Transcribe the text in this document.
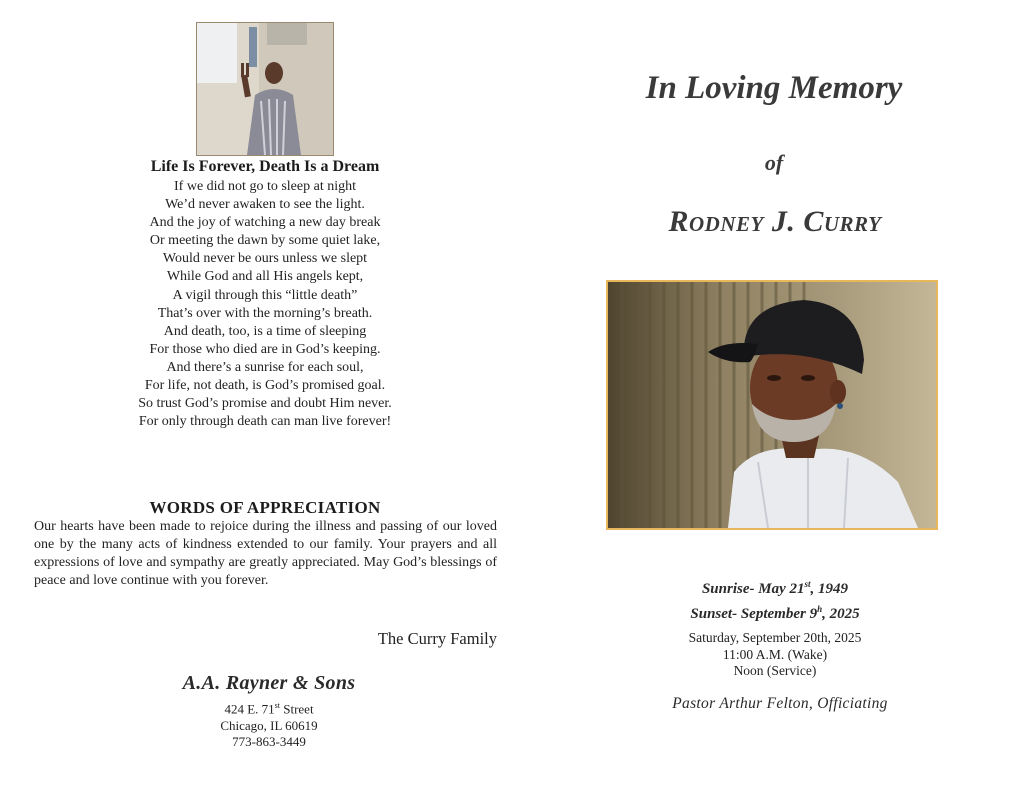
Life Is Forever, Death Is a Dream
If we did not go to sleep at night
We’d never awaken to see the light.
And the joy of watching a new day break
Or meeting the dawn by some quiet lake,
Would never be ours unless we slept
While God and all His angels kept,
A vigil through this “little death”
That’s over with the morning’s breath.
And death, too, is a time of sleeping
For those who died are in God’s keeping.
And there’s a sunrise for each soul,
For life, not death, is God’s promised goal.
So trust God’s promise and doubt Him never.
For only through death can man live forever!
WORDS OF APPRECIATION
Our hearts have been made to rejoice during the illness and passing of our loved one by the many acts of kindness extended to our family. Your prayers and all expressions of love and sympathy are greatly appreciated. May God’s blessings of peace and love continue with you forever.
The Curry Family
A.A. Rayner & Sons
424 E. 71st Street
Chicago, IL 60619
773-863-3449
In Loving Memory
of
Rodney J. Curry
Sunrise- May 21st, 1949
Sunset- September 9$^h$, 2025
Saturday, September 20th, 2025
11:00 A.M. (Wake)
Noon (Service)
Pastor Arthur Felton, Officiating
